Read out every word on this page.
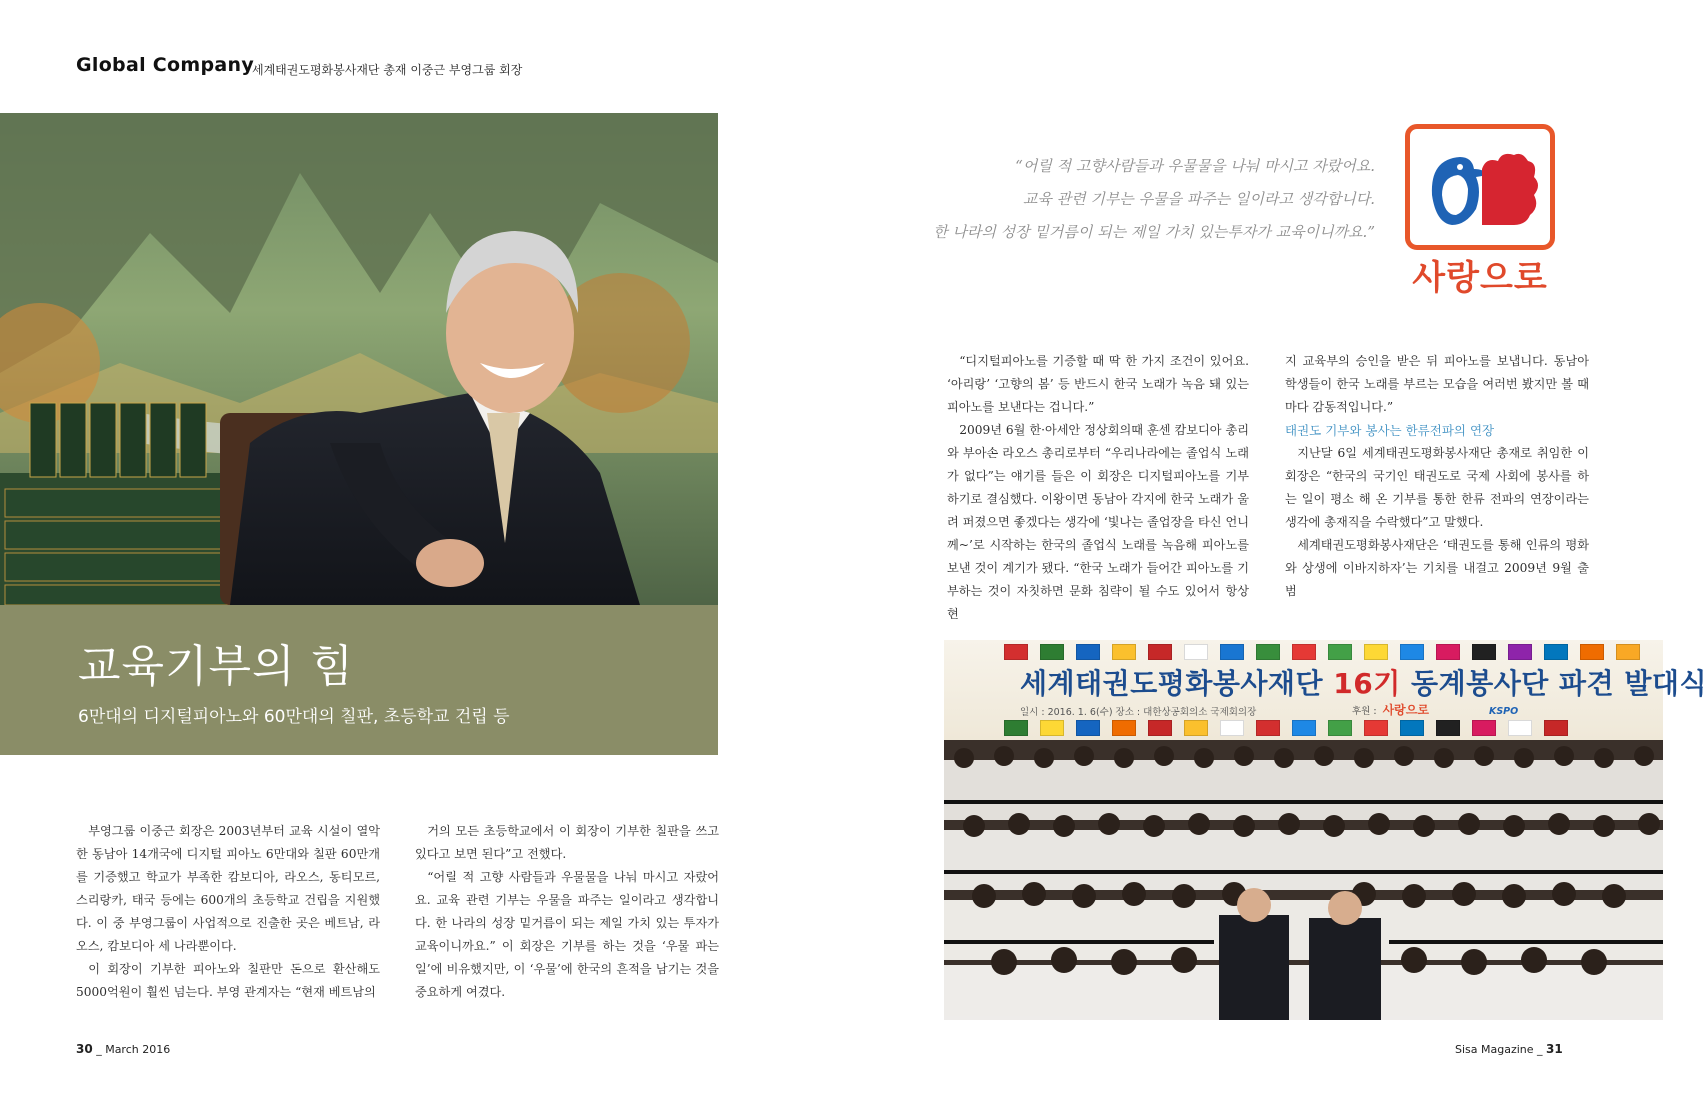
Global Company
세계태권도평화봉사재단 총재 이중근 부영그룹 회장
교육기부의 힘
6만대의 디지털피아노와 60만대의 칠판, 초등학교 건립 등

부영그룹 이중근 회장은 2003년부터 교육 시설이 열악한 동남아 14개국에 디지털 피아노 6만대와 칠판 60만개를 기증했고 학교가 부족한 캄보디아, 라오스, 동티모르, 스리랑카, 태국 등에는 600개의 초등학교 건립을 지원했다. 이 중 부영그룹이 사업적으로 진출한 곳은 베트남, 라오스, 캄보디아 세 나라뿐이다.

이 회장이 기부한 피아노와 칠판만 돈으로 환산해도 5000억원이 훨씬 넘는다. 부영 관계자는 “현재 베트남의

거의 모든 초등학교에서 이 회장이 기부한 칠판을 쓰고 있다고 보면 된다”고 전했다.

“어릴 적 고향 사람들과 우물물을 나눠 마시고 자랐어요. 교육 관련 기부는 우물을 파주는 일이라고 생각합니다. 한 나라의 성장 밑거름이 되는 제일 가치 있는 투자가 교육이니까요.” 이 회장은 기부를 하는 것을 ‘우물 파는 일’에 비유했지만, 이 ‘우물’에 한국의 흔적을 남기는 것을 중요하게 여겼다.

“어릴 적 고향사람들과 우물물을 나눠 마시고 자랐어요.
교육 관련 기부는 우물을 파주는 일이라고 생각합니다.
한 나라의 성장 밑거름이 되는 제일 가치 있는투자가 교육이니까요.”
사랑으로

“디지털피아노를 기증할 때 딱 한 가지 조건이 있어요. ‘아리랑’ ‘고향의 봄’ 등 반드시 한국 노래가 녹음 돼 있는 피아노를 보낸다는 겁니다.”

2009년 6월 한·아세안 정상회의때 훈센 캄보디아 총리와 부아손 라오스 총리로부터 “우리나라에는 졸업식 노래가 없다”는 얘기를 들은 이 회장은 디지털피아노를 기부하기로 결심했다. 이왕이면 동남아 각지에 한국 노래가 울려 퍼졌으면 좋겠다는 생각에 ‘빛나는 졸업장을 타신 언니께~’로 시작하는 한국의 졸업식 노래를 녹음해 피아노를 보낸 것이 계기가 됐다. “한국 노래가 들어간 피아노를 기부하는 것이 자칫하면 문화 침략이 될 수도 있어서 항상 현

지 교육부의 승인을 받은 뒤 피아노를 보냅니다. 동남아 학생들이 한국 노래를 부르는 모습을 여러번 봤지만 볼 때마다 감동적입니다.”

태권도 기부와 봉사는 한류전파의 연장

지난달 6일 세계태권도평화봉사재단 총재로 취임한 이 회장은 “한국의 국기인 태권도로 국제 사회에 봉사를 하는 일이 평소 해 온 기부를 통한 한류 전파의 연장이라는 생각에 총재직을 수락했다”고 말했다.

세계태권도평화봉사재단은 ‘태권도를 통해 인류의 평화와 상생에 이바지하자’는 기치를 내걸고 2009년 9월 출범

세계태권도평화봉사재단 16기 동계봉사단 파견 발대식
일시 : 2016. 1. 6(수) 장소 : 대한상공회의소 국제회의장	후원 : 사랑으로	KSPO
30 _ March 2016	Sisa Magazine _ 31
